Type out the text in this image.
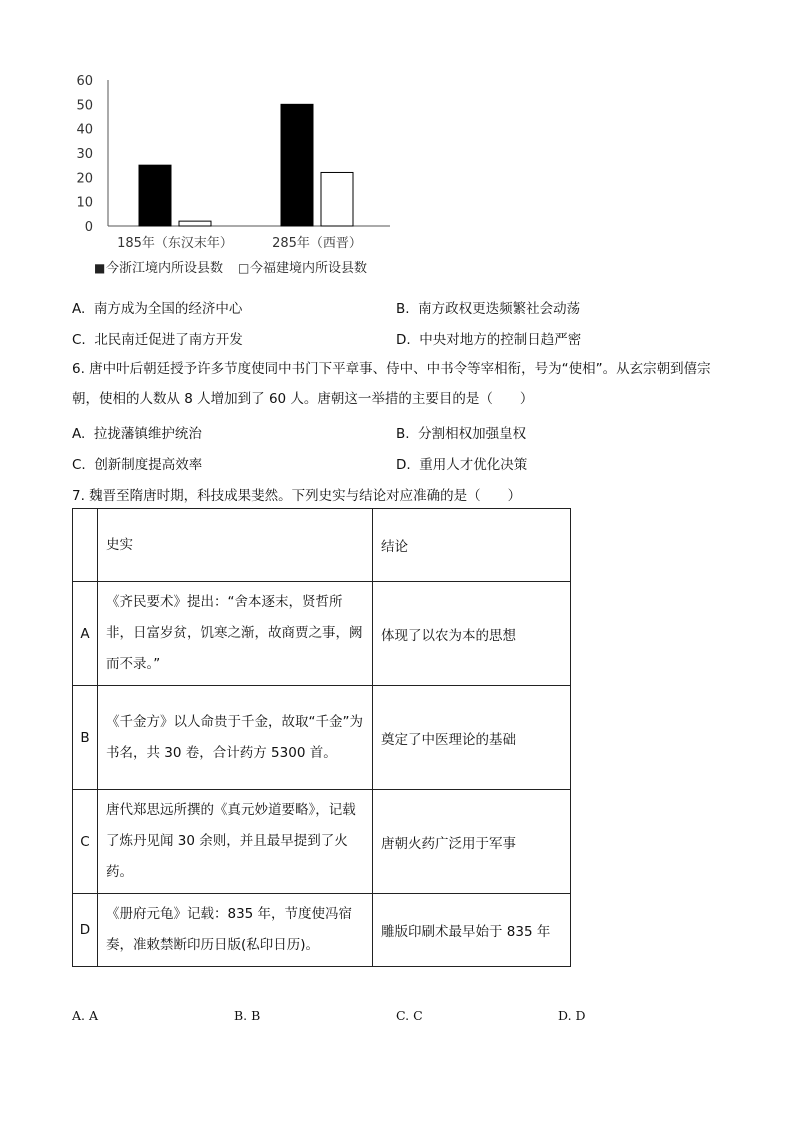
0
10
20
30
40
50
60
185年（东汉末年）	285年（西晋）
■ 今浙江境内所设县数 □ 今福建境内所设县数
A. 南方成为全国的经济中心	B. 南方政权更迭频繁社会动荡
C. 北民南迁促进了南方开发	D. 中央对地方的控制日趋严密
6. 唐中叶后朝廷授予许多节度使同中书门下平章事、侍中、中书令等宰相衔，号为“使相”。从玄宗朝到僖宗朝，使相的人数从 8 人增加到了 60 人。唐朝这一举措的主要目的是（　　）
A. 拉拢藩镇维护统治	B. 分割相权加强皇权
C. 创新制度提高效率	D. 重用人才优化决策
7. 魏晋至隋唐时期，科技成果斐然。下列史实与结论对应准确的是（　　）
	史实	结论
A	《齐民要术》提出：“舍本逐末，贤哲所非，日富岁贫，饥寒之渐，故商贾之事，阙而不录。”	体现了以农为本的思想
B	《千金方》以人命贵于千金，故取“千金”为书名，共 30 卷，合计药方 5300 首。	奠定了中医理论的基础
C	唐代郑思远所撰的《真元妙道要略》，记载了炼丹见闻 30 余则，并且最早提到了火药。	唐朝火药广泛用于军事
D	《册府元龟》记载：835 年，节度使冯宿奏，准敕禁断印历日版(私印日历)。	雕版印刷术最早始于 835 年
A. A	B. B	C. C	D. D
